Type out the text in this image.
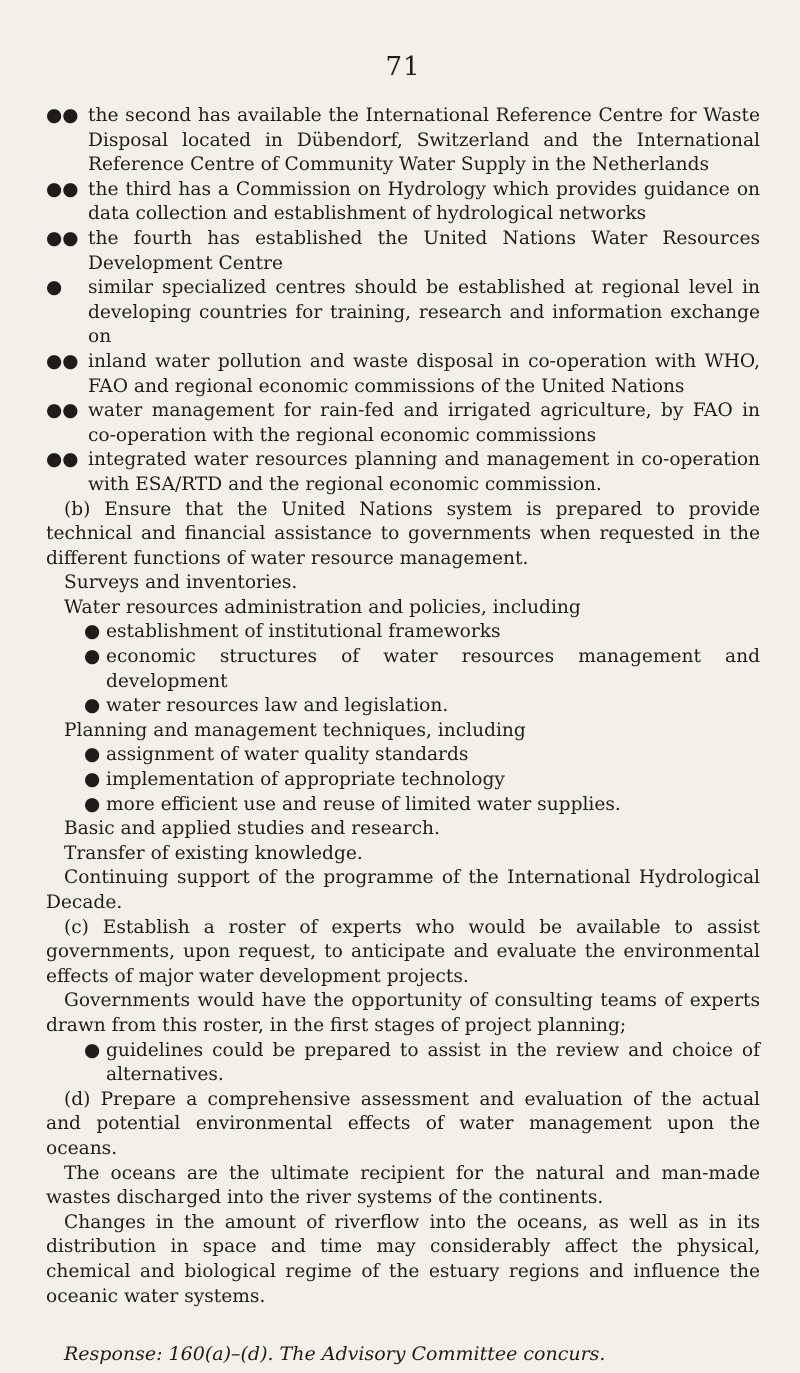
71

●● the second has available the International Reference Centre for Waste Disposal located in Dübendorf, Switzerland and the International Reference Centre of Community Water Supply in the Netherlands

●● the third has a Commission on Hydrology which provides guidance on data collection and establishment of hydrological networks

●● the fourth has established the United Nations Water Resources Development Centre

● similar specialized centres should be established at regional level in developing countries for training, research and information exchange on

●● inland water pollution and waste disposal in co-operation with WHO, FAO and regional economic commissions of the United Nations

●● water management for rain-fed and irrigated agriculture, by FAO in co-operation with the regional economic commissions

●● integrated water resources planning and management in co-operation with ESA/RTD and the regional economic commission.

(b) Ensure that the United Nations system is prepared to provide technical and financial assistance to governments when requested in the different functions of water resource management.

Surveys and inventories.

Water resources administration and policies, including

● establishment of institutional frameworks

● economic structures of water resources management and development

● water resources law and legislation.

Planning and management techniques, including

● assignment of water quality standards

● implementation of appropriate technology

● more efficient use and reuse of limited water supplies.

Basic and applied studies and research.

Transfer of existing knowledge.

Continuing support of the programme of the International Hydrological Decade.

(c) Establish a roster of experts who would be available to assist governments, upon request, to anticipate and evaluate the environmental effects of major water development projects.

Governments would have the opportunity of consulting teams of experts drawn from this roster, in the first stages of project planning;

● guidelines could be prepared to assist in the review and choice of alternatives.

(d) Prepare a comprehensive assessment and evaluation of the actual and potential environmental effects of water management upon the oceans.

The oceans are the ultimate recipient for the natural and man-made wastes discharged into the river systems of the continents.

Changes in the amount of riverflow into the oceans, as well as in its distribution in space and time may considerably affect the physical, chemical and biological regime of the estuary regions and influence the oceanic water systems.

Response: 160(a)–(d). The Advisory Committee concurs.
